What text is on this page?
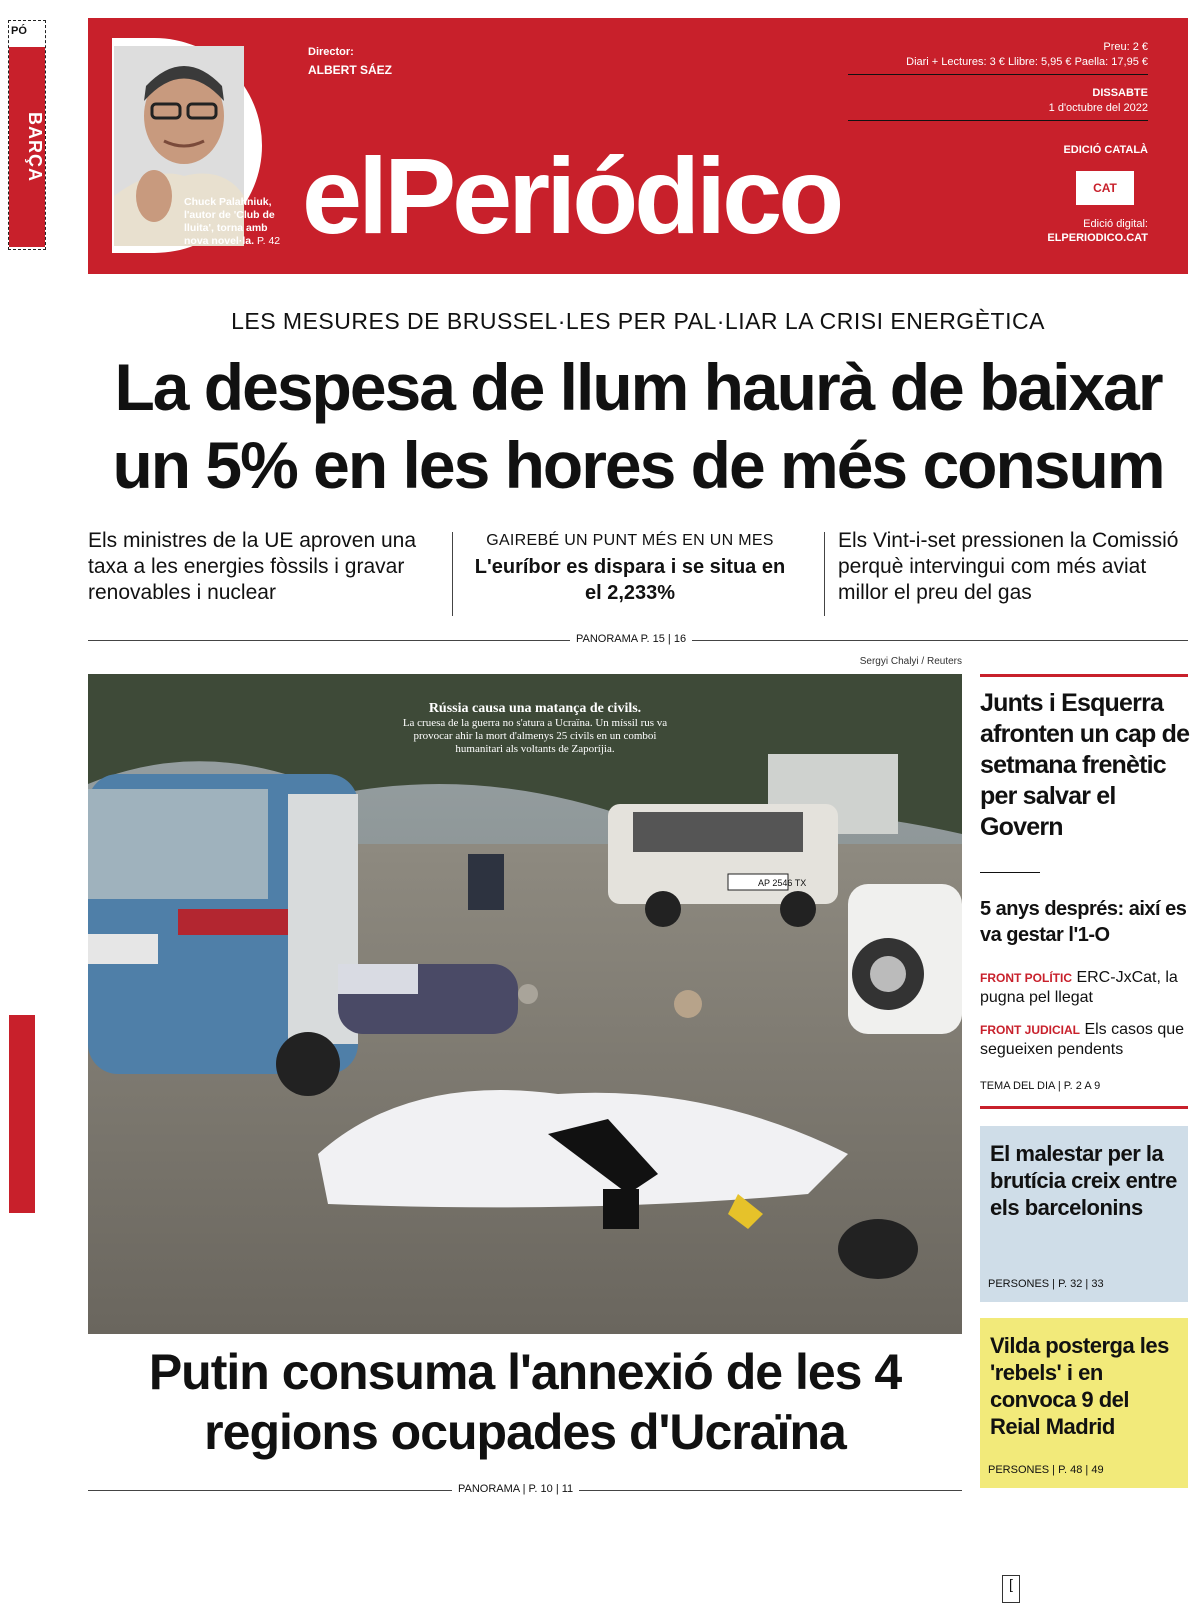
PÓ
BARÇA
Chuck Palahniuk, l'autor de 'Club de lluita', torna amb nova novel·la. P. 42
Director:
ALBERT SÁEZ
elPeriódico
Preu: 2 €
Diari + Lectures: 3 € Llibre: 5,95 € Paella: 17,95 €
DISSABTE
1 d'octubre del 2022
EDICIÓ CATALÀ
CAT
Edició digital:
ELPERIODICO.CAT
LES MESURES DE BRUSSEL·LES PER PAL·LIAR LA CRISI ENERGÈTICA
La despesa de llum haurà de baixar un 5% en les hores de més consum
Els ministres de la UE aproven una taxa a les energies fòssils i gravar renovables i nuclear
GAIREBÉ UN PUNT MÉS EN UN MES
L'euríbor es dispara i se situa en el 2,233%
Els Vint-i-set pressionen la Comissió perquè intervingui com més aviat millor el preu del gas
PANORAMA P. 15 | 16
Sergyi Chalyi / Reuters
AP 2546 TX
Rússia causa una matança de civils.
La cruesa de la guerra no s'atura a Ucraïna. Un míssil rus va provocar ahir la mort d'almenys 25 civils en un comboi humanitari als voltants de Zaporíjia.
Putin consuma l'annexió de les 4 regions ocupades d'Ucraïna
PANORAMA | P. 10 | 11
Junts i Esquerra afronten un cap de setmana frenètic per salvar el Govern
5 anys després: així es va gestar l'1-O
FRONT POLÍTIC ERC-JxCat, la pugna pel llegat
FRONT JUDICIAL Els casos que segueixen pendents
TEMA DEL DIA | P. 2 A 9
El malestar per la brutícia creix entre els barcelonins
PERSONES | P. 32 | 33
Vilda posterga les 'rebels' i en convoca 9 del Reial Madrid
PERSONES | P. 48 | 49
[
